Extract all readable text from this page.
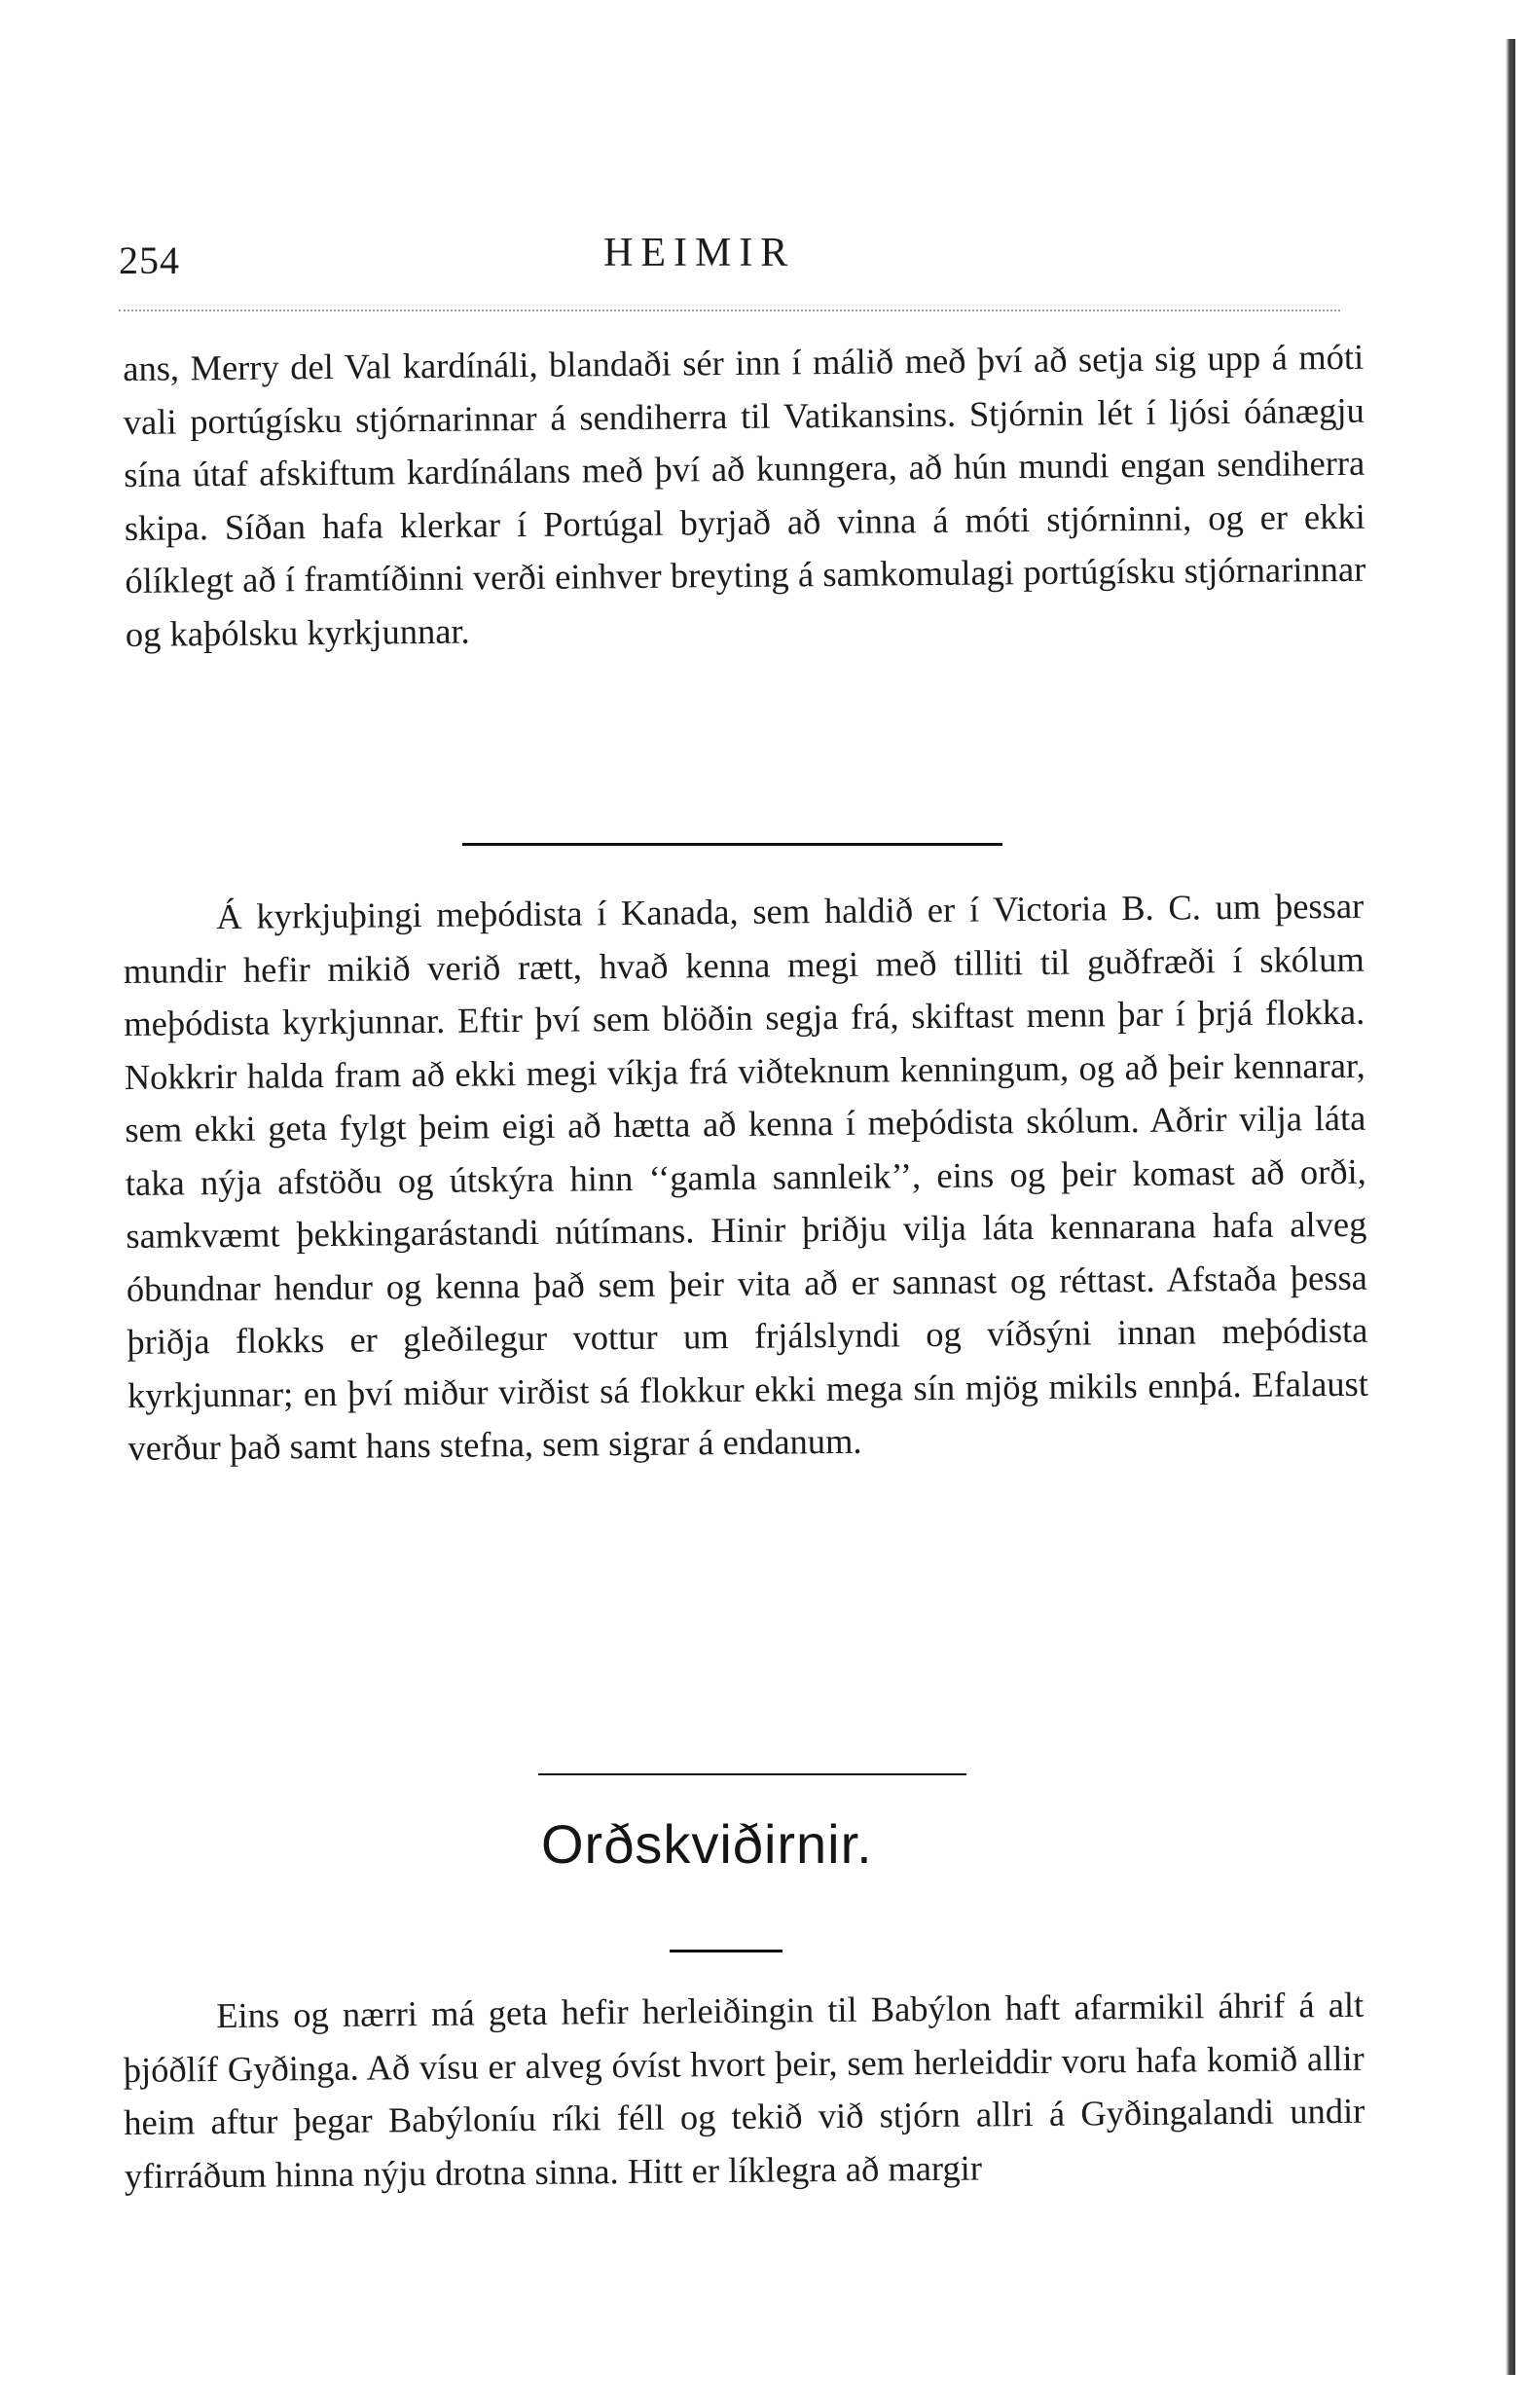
254	HEIMIR

ans, Merry del Val kardínáli, blandaði sér inn í málið með því að setja sig upp á móti vali portúgísku stjórnarinnar á sendiherra til Vatikansins. Stjórnin lét í ljósi óánægju sína útaf afskiftum kardínálans með því að kunngera, að hún mundi engan sendiherra skipa. Síðan hafa klerkar í Portúgal byrjað að vinna á móti stjórninni, og er ekki ólíklegt að í framtíðinni verði einhver breyting á samkomulagi portúgísku stjórnarinnar og kaþólsku kyrkjunnar.

Á kyrkjuþingi meþódista í Kanada, sem haldið er í Victoria B. C. um þessar mundir hefir mikið verið rætt, hvað kenna megi með tilliti til guðfræði í skólum meþódista kyrkjunnar. Eftir því sem blöðin segja frá, skiftast menn þar í þrjá flokka. Nokkrir halda fram að ekki megi víkja frá viðteknum kenningum, og að þeir kennarar, sem ekki geta fylgt þeim eigi að hætta að kenna í meþódista skólum. Aðrir vilja láta taka nýja afstöðu og útskýra hinn ‘‘gamla sannleik’’, eins og þeir komast að orði, samkvæmt þekkingarástandi nútímans. Hinir þriðju vilja láta kennarana hafa alveg óbundnar hendur og kenna það sem þeir vita að er sannast og réttast. Afstaða þessa þriðja flokks er gleðilegur vottur um frjálslyndi og víðsýni innan meþódista kyrkjunnar; en því miður virðist sá flokkur ekki mega sín mjög mikils ennþá. Efalaust verður það samt hans stefna, sem sigrar á endanum.

Orðskviðirnir.

Eins og nærri má geta hefir herleiðingin til Babýlon haft afarmikil áhrif á alt þjóðlíf Gyðinga. Að vísu er alveg óvíst hvort þeir, sem herleiddir voru hafa komið allir heim aftur þegar Babýloníu ríki féll og tekið við stjórn allri á Gyðingalandi undir yfirráðum hinna nýju drotna sinna. Hitt er líklegra að margir
